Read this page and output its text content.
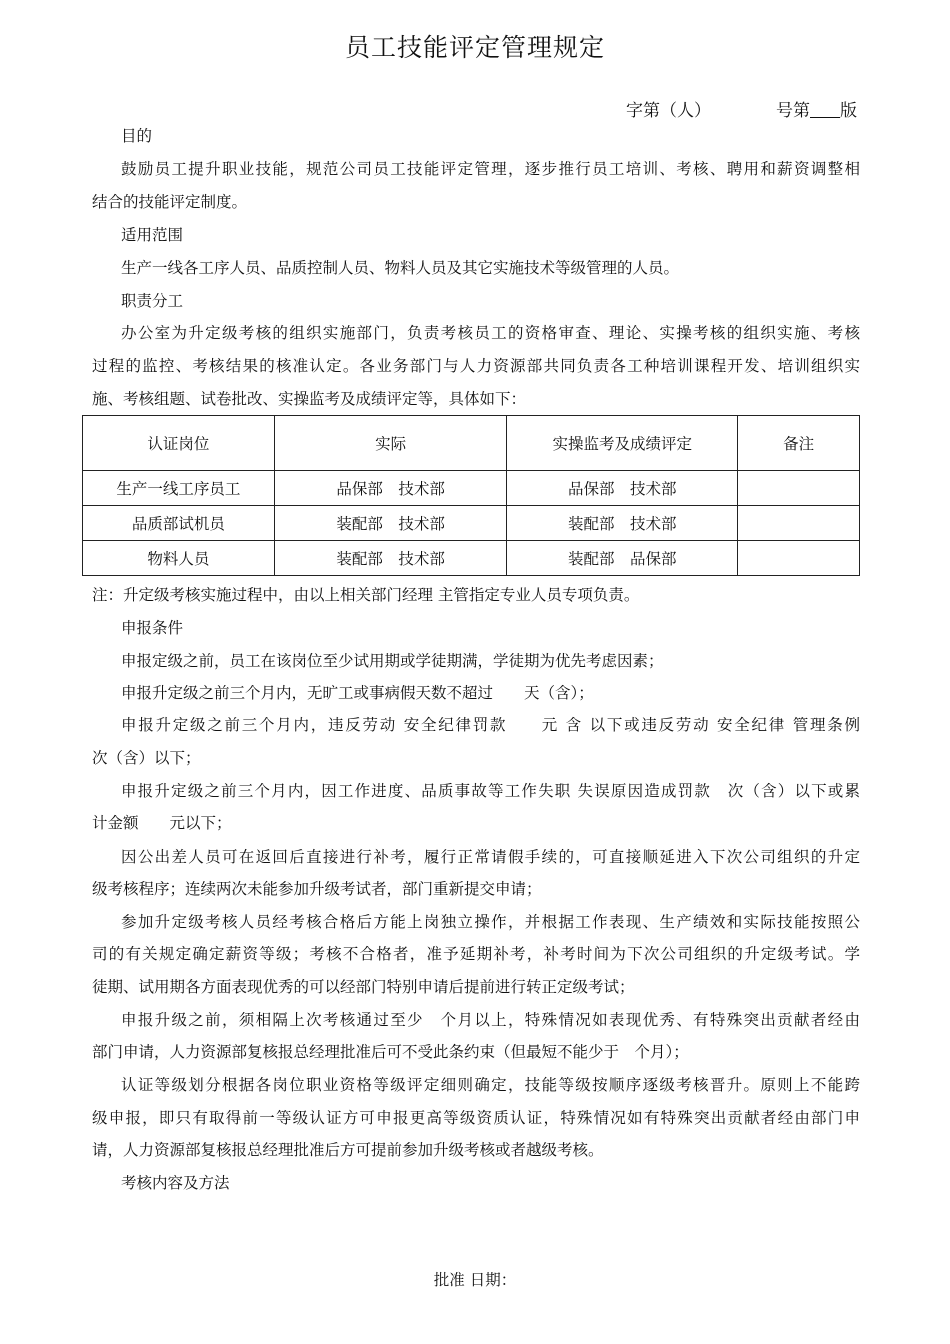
员工技能评定管理规定
字第（人）	号第 版
目的
鼓励员工提升职业技能，规范公司员工技能评定管理，逐步推行员工培训、考核、聘用和薪资调整相
结合的技能评定制度。
适用范围
生产一线各工序人员、品质控制人员、物料人员及其它实施技术等级管理的人员。
职责分工
办公室为升定级考核的组织实施部门，负责考核员工的资格审查、理论、实操考核的组织实施、考核
过程的监控、考核结果的核准认定。各业务部门与人力资源部共同负责各工种培训课程开发、培训组织实
施、考核组题、试卷批改、实操监考及成绩评定等，具体如下：
认证岗位	实际	实操监考及成绩评定	备注
生产一线工序员工	品保部　技术部	品保部　技术部	
品质部试机员	装配部　技术部	装配部　技术部	
物料人员	装配部　技术部	装配部　品保部	
注：升定级考核实施过程中，由以上相关部门经理 主管指定专业人员专项负责。
申报条件
申报定级之前，员工在该岗位至少试用期或学徒期满，学徒期为优先考虑因素；
申报升定级之前三个月内，无旷工或事病假天数不超过　　天（含）；
申报升定级之前三个月内，违反劳动 安全纪律罚款　　元 含 以下或违反劳动 安全纪律 管理条例
次（含）以下；
申报升定级之前三个月内，因工作进度、品质事故等工作失职 失误原因造成罚款　次（含）以下或累
计金额　　元以下；
因公出差人员可在返回后直接进行补考，履行正常请假手续的，可直接顺延进入下次公司组织的升定
级考核程序；连续两次未能参加升级考试者，部门重新提交申请；
参加升定级考核人员经考核合格后方能上岗独立操作，并根据工作表现、生产绩效和实际技能按照公
司的有关规定确定薪资等级；考核不合格者，准予延期补考，补考时间为下次公司组织的升定级考试。学
徒期、试用期各方面表现优秀的可以经部门特别申请后提前进行转正定级考试；
申报升级之前，须相隔上次考核通过至少　个月以上，特殊情况如表现优秀、有特殊突出贡献者经由
部门申请，人力资源部复核报总经理批准后可不受此条约束（但最短不能少于　个月）；
认证等级划分根据各岗位职业资格等级评定细则确定，技能等级按顺序逐级考核晋升。原则上不能跨
级申报，即只有取得前一等级认证方可申报更高等级资质认证，特殊情况如有特殊突出贡献者经由部门申
请，人力资源部复核报总经理批准后方可提前参加升级考核或者越级考核。
考核内容及方法
批准 日期：
